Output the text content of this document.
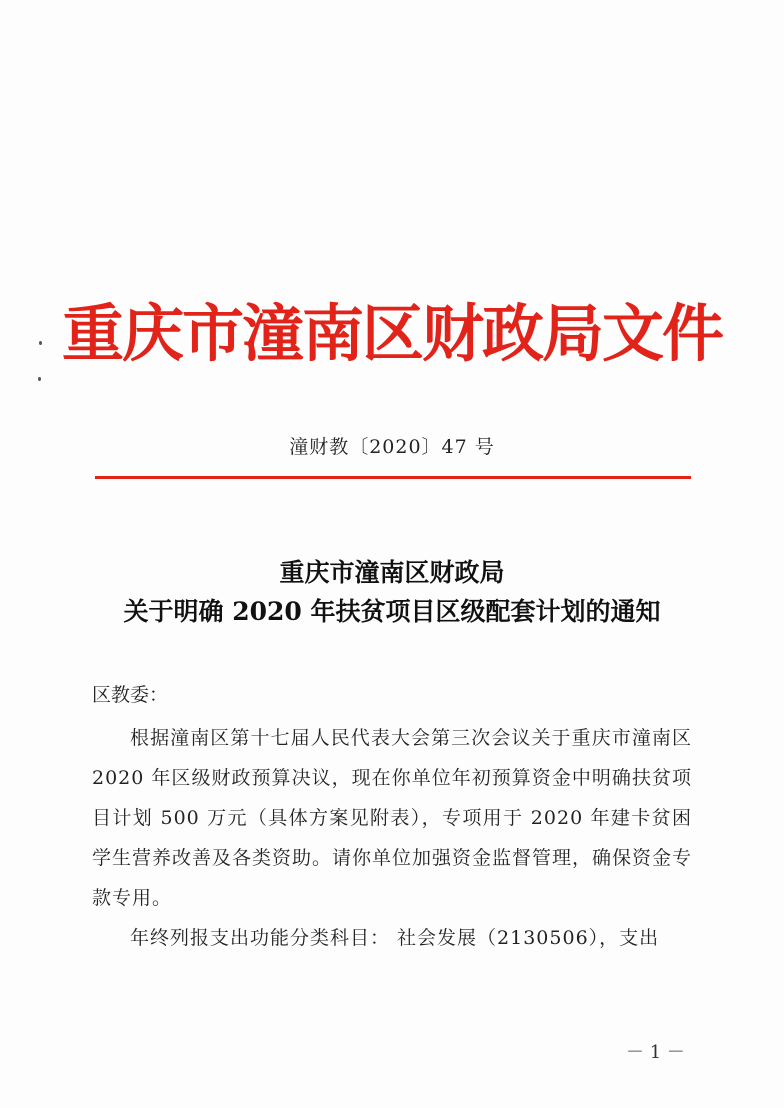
重庆市潼南区财政局文件
潼财教〔2020〕47 号
重庆市潼南区财政局
关于明确 2020 年扶贫项目区级配套计划的通知
区教委：
根据潼南区第十七届人民代表大会第三次会议关于重庆市潼南区 2020 年区级财政预算决议，现在你单位年初预算资金中明确扶贫项目计划 500 万元（具体方案见附表），专项用于 2020 年建卡贫困学生营养改善及各类资助。请你单位加强资金监督管理，确保资金专款专用。
年终列报支出功能分类科目： 社会发展（2130506），支出
－ 1 －
